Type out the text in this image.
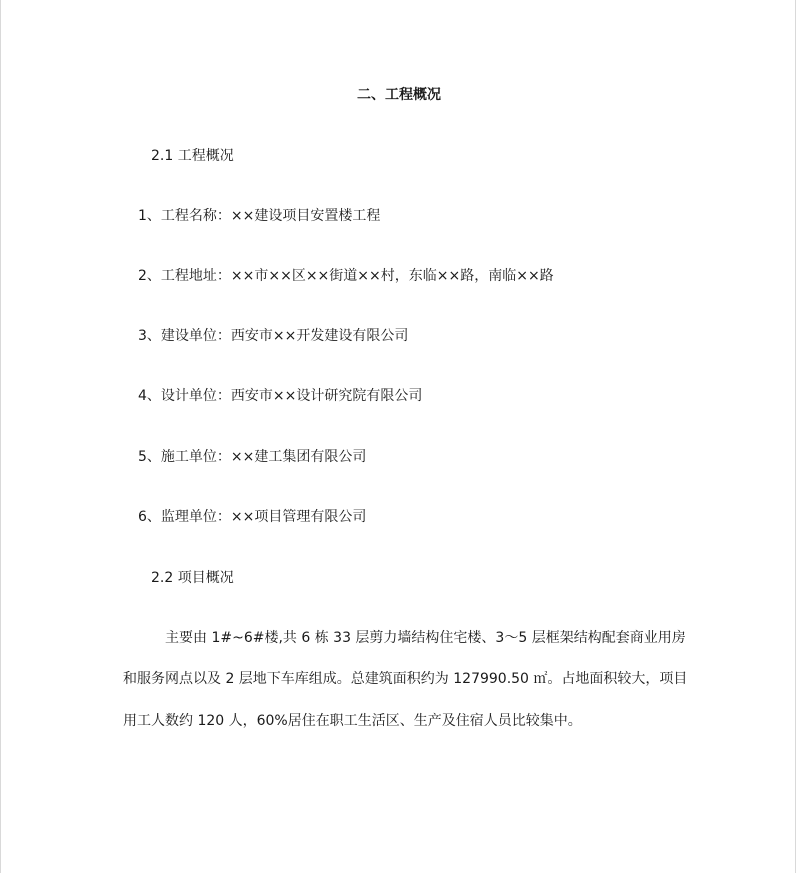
二、工程概况
2.1 工程概况
1、工程名称：××建设项目安置楼工程
2、工程地址：××市××区××街道××村，东临××路，南临××路
3、建设单位：西安市××开发建设有限公司
4、设计单位：西安市××设计研究院有限公司
5、施工单位：××建工集团有限公司
6、监理单位：××项目管理有限公司
2.2 项目概况
主要由 1#~6#楼,共 6 栋 33 层剪力墙结构住宅楼、3～5 层框架结构配套商业用房
和服务网点以及 2 层地下车库组成。总建筑面积约为 127990.50 ㎡。占地面积较大，项目
用工人数约 120 人，60%居住在职工生活区、生产及住宿人员比较集中。
